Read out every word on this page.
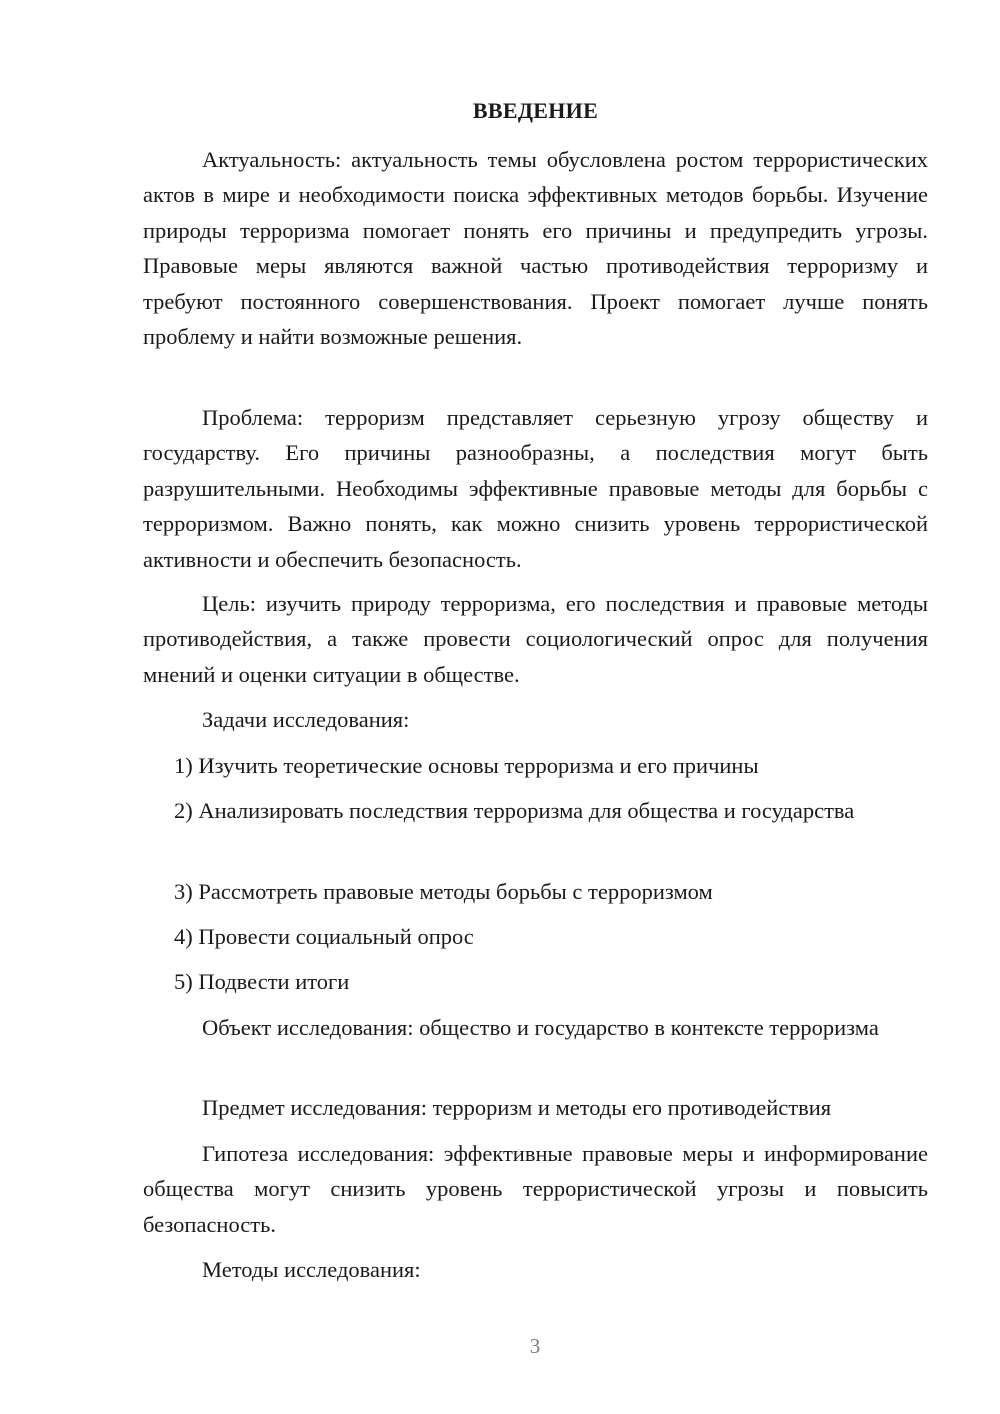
ВВЕДЕНИЕ

Актуальность: актуальность темы обусловлена ростом террористических актов в мире и необходимости поиска эффективных методов борьбы. Изучение природы терроризма помогает понять его причины и предупредить угрозы. Правовые меры являются важной частью противодействия терроризму и требуют постоянного совершенствования. Проект помогает лучше понять проблему и найти возможные решения.

Проблема: терроризм представляет серьезную угрозу обществу и государству. Его причины разнообразны, а последствия могут быть разрушительными. Необходимы эффективные правовые методы для борьбы с терроризмом. Важно понять, как можно снизить уровень террористической активности и обеспечить безопасность.

Цель: изучить природу терроризма, его последствия и правовые методы противодействия, а также провести социологический опрос для получения мнений и оценки ситуации в обществе.

Задачи исследования:

1) Изучить теоретические основы терроризма и его причины

2) Анализировать последствия терроризма для общества и государства

3) Рассмотреть правовые методы борьбы с терроризмом

4) Провести социальный опрос

5) Подвести итоги

Объект исследования: общество и государство в контексте терроризма

Предмет исследования: терроризм и методы его противодействия

Гипотеза исследования: эффективные правовые меры и информирование общества могут снизить уровень террористической угрозы и повысить безопасность.

Методы исследования:

3
